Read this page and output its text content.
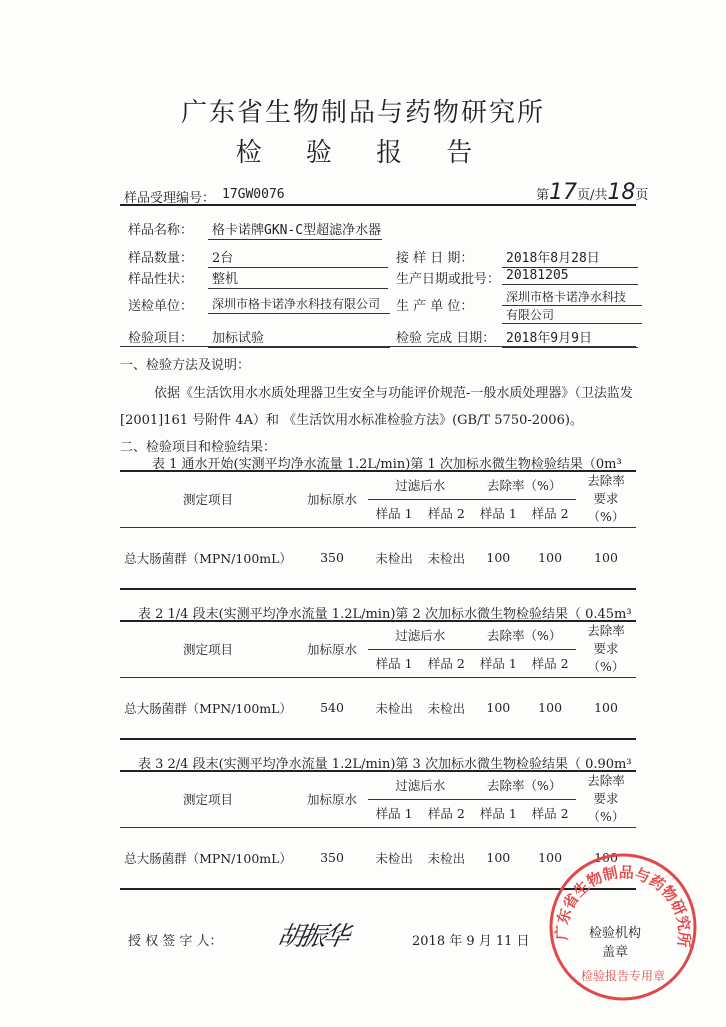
广东省生物制品与药物研究所
检 验 报 告
样品受理编号： 17GW0076	第17页/共18页
样品名称：	格卡诺牌GKN-C型超滤净水器
样品数量：	2台	接 样 日 期：	2018年8月28日
样品性状：	整机	生产日期或批号： 20181205
送检单位：	深圳市格卡诺净水科技有限公司	生 产 单 位：
深圳市格卡诺净水科技
有限公司
检验项目：	加标试验	检验 完成 日期： 2018年9月9日
一、检验方法及说明：
依据《生活饮用水水质处理器卫生安全与功能评价规范-一般水质处理器》（卫法监发
[2001]161 号附件 4A）和 《生活饮用水标准检验方法》(GB/T 5750-2006)。
二、检验项目和检验结果：
表 1 通水开始(实测平均净水流量 1.2L/min)第 1 次加标水微生物检验结果（0m³
测定项目	加标原水	过滤后水		去除率（%）		去除率
要求
（%）
		样品 1	样品 2	样品 1	样品 2	
总大肠菌群（MPN/100mL）	350	未检出	未检出	100	100	100
表 2 1/4 段末(实测平均净水流量 1.2L/min)第 2 次加标水微生物检验结果（ 0.45m³
测定项目	加标原水	过滤后水		去除率（%）		去除率
要求
（%）
		样品 1	样品 2	样品 1	样品 2	
总大肠菌群（MPN/100mL）	540	未检出	未检出	100	100	100
表 3 2/4 段末(实测平均净水流量 1.2L/min)第 3 次加标水微生物检验结果（ 0.90m³
测定项目	加标原水	过滤后水		去除率（%）		去除率
要求
（%）
		样品 1	样品 2	样品 1	样品 2	
总大肠菌群（MPN/100mL）	350	未检出	未检出	100	100	100
授 权 签 字 人： 胡振华	2018 年 9 月 11 日
检验机构
盖章
广东省生物制品与药物研究所
检验报告专用章
